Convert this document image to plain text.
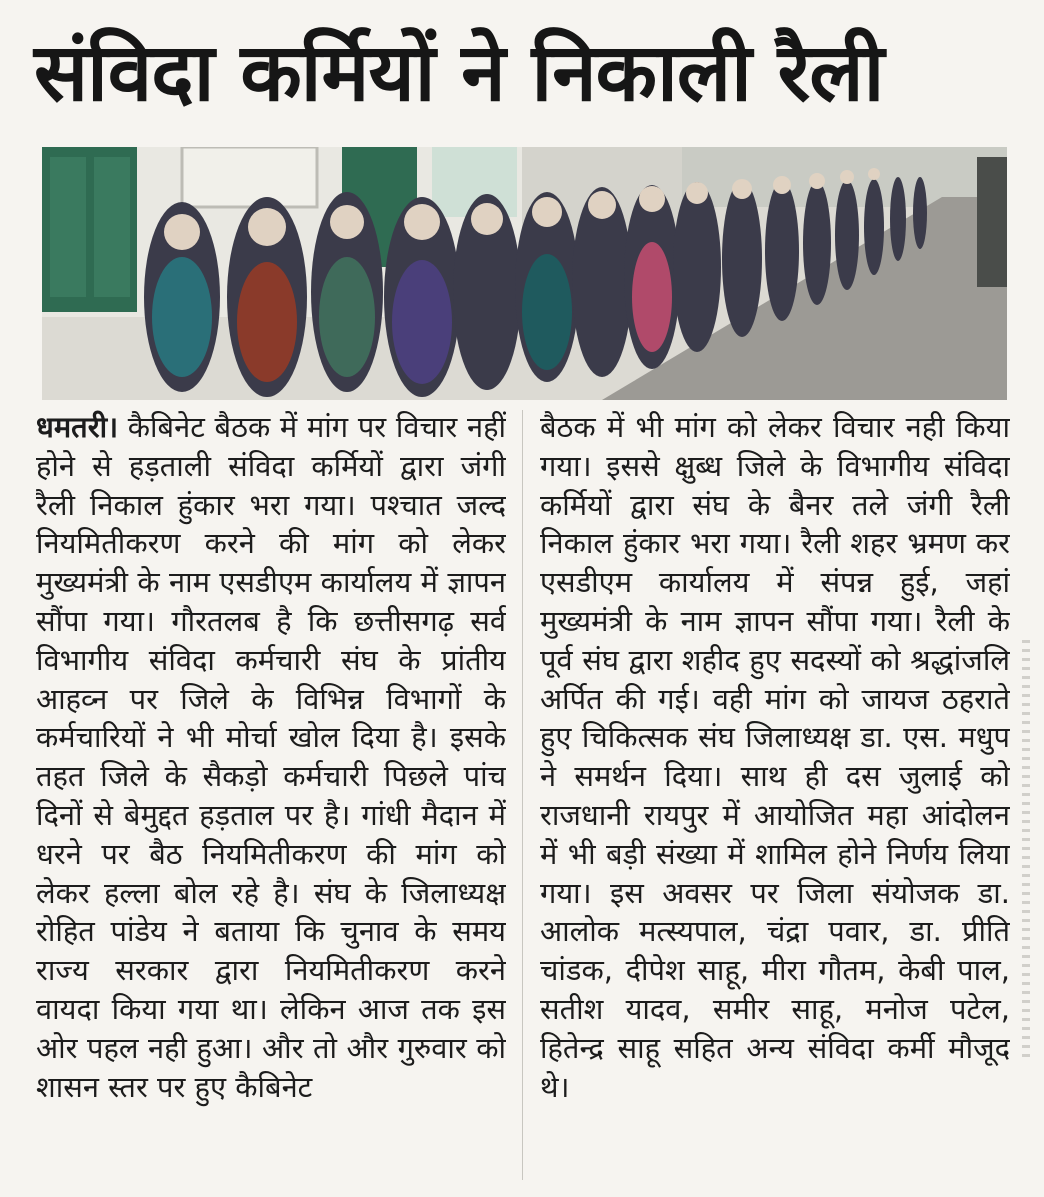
संविदा कर्मियों ने निकाली रैली

धमतरी। कैबिनेट बैठक में मांग पर विचार नहीं होने से हड़ताली संविदा कर्मियों द्वारा जंगी रैली निकाल हुंकार भरा गया। पश्चात जल्द नियमितीकरण करने की मांग को लेकर मुख्यमंत्री के नाम एसडीएम कार्यालय में ज्ञापन सौंपा गया। गौरतलब है कि छत्तीसगढ़ सर्व विभागीय संविदा कर्मचारी संघ के प्रांतीय आहव्न पर जिले के विभिन्न विभागों के कर्मचारियों ने भी मोर्चा खोल दिया है। इसके तहत जिले के सैकड़ो कर्मचारी पिछले पांच दिनों से बेमुद्दत हड़ताल पर है। गांधी मैदान में धरने पर बैठ नियमितीकरण की मांग को लेकर हल्ला बोल रहे है। संघ के जिलाध्यक्ष रोहित पांडेय ने बताया कि चुनाव के समय राज्य सरकार द्वारा नियमितीकरण करने वायदा किया गया था। लेकिन आज तक इस ओर पहल नही हुआ। और तो और गुरुवार को शासन स्तर पर हुए कैबिनेट

बैठक में भी मांग को लेकर विचार नही किया गया। इससे क्षुब्ध जिले के विभागीय संविदा कर्मियों द्वारा संघ के बैनर तले जंगी रैली निकाल हुंकार भरा गया। रैली शहर भ्रमण कर एसडीएम कार्यालय में संपन्न हुई, जहां मुख्यमंत्री के नाम ज्ञापन सौंपा गया। रैली के पूर्व संघ द्वारा शहीद हुए सदस्यों को श्रद्धांजलि अर्पित की गई। वही मांग को जायज ठहराते हुए चिकित्सक संघ जिलाध्यक्ष डा. एस. मधुप ने समर्थन दिया। साथ ही दस जुलाई को राजधानी रायपुर में आयोजित महा आंदोलन में भी बड़ी संख्या में शामिल होने निर्णय लिया गया। इस अवसर पर जिला संयोजक डा. आलोक मत्स्यपाल, चंद्रा पवार, डा. प्रीति चांडक, दीपेश साहू, मीरा गौतम, केबी पाल, सतीश यादव, समीर साहू, मनोज पटेल, हितेन्द्र साहू सहित अन्य संविदा कर्मी मौजूद थे।
